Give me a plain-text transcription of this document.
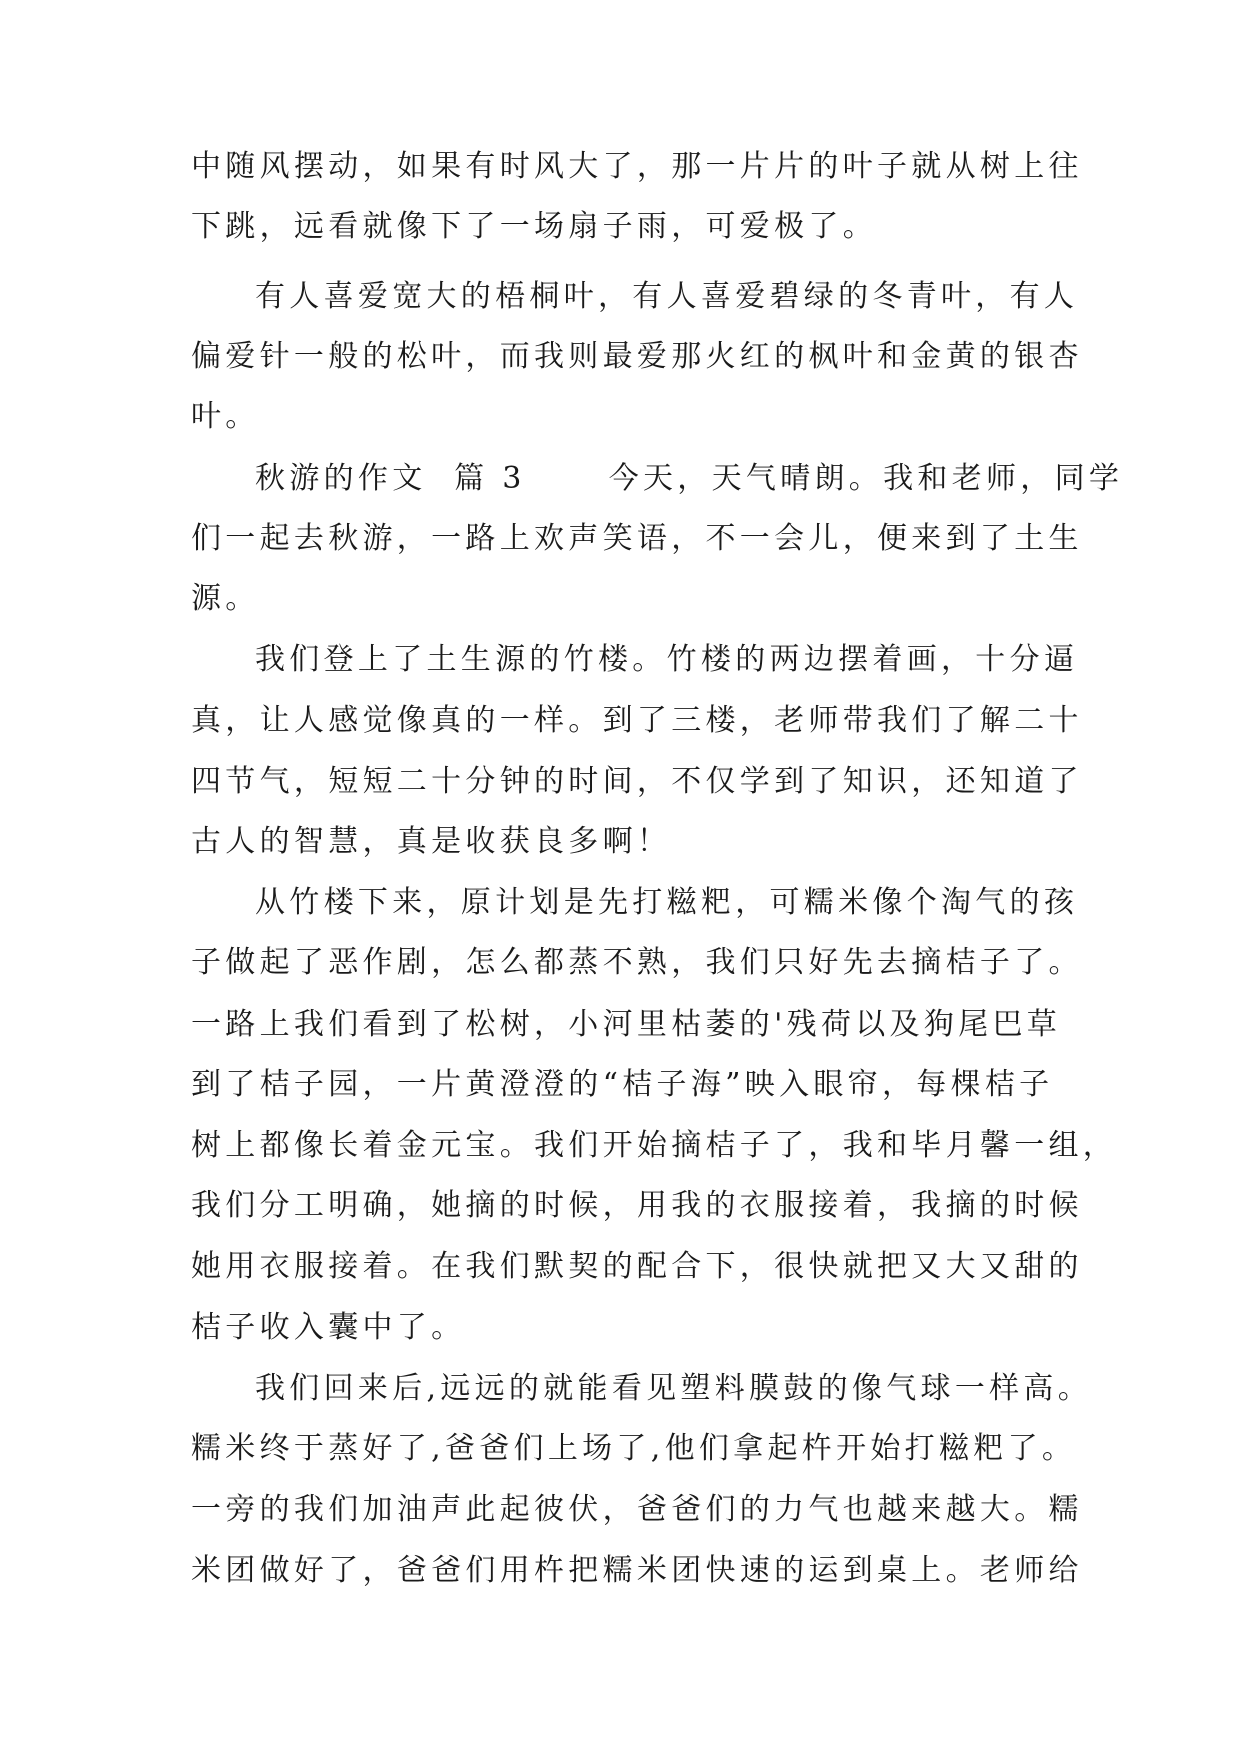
中随风摆动，如果有时风大了，那一片片的叶子就从树上往
下跳，远看就像下了一场扇子雨，可爱极了。
有人喜爱宽大的梧桐叶，有人喜爱碧绿的冬青叶，有人
偏爱针一般的松叶，而我则最爱那火红的枫叶和金黄的银杏
叶。
秋游的作文  篇 3      今天，天气晴朗。我和老师，同学
们一起去秋游，一路上欢声笑语，不一会儿，便来到了土生
源。
我们登上了土生源的竹楼。竹楼的两边摆着画，十分逼
真，让人感觉像真的一样。到了三楼，老师带我们了解二十
四节气，短短二十分钟的时间，不仅学到了知识，还知道了
古人的智慧，真是收获良多啊！
从竹楼下来，原计划是先打糍粑，可糯米像个淘气的孩
子做起了恶作剧，怎么都蒸不熟，我们只好先去摘桔子了。
一路上我们看到了松树，小河里枯萎的'残荷以及狗尾巴草
到了桔子园，一片黄澄澄的“桔子海”映入眼帘，每棵桔子
树上都像长着金元宝。我们开始摘桔子了，我和毕月馨一组，
我们分工明确，她摘的时候，用我的衣服接着，我摘的时候
她用衣服接着。在我们默契的配合下，很快就把又大又甜的
桔子收入囊中了。
我们回来后,远远的就能看见塑料膜鼓的像气球一样高。
糯米终于蒸好了,爸爸们上场了,他们拿起杵开始打糍粑了。
一旁的我们加油声此起彼伏，爸爸们的力气也越来越大。糯
米团做好了，爸爸们用杵把糯米团快速的运到桌上。老师给
